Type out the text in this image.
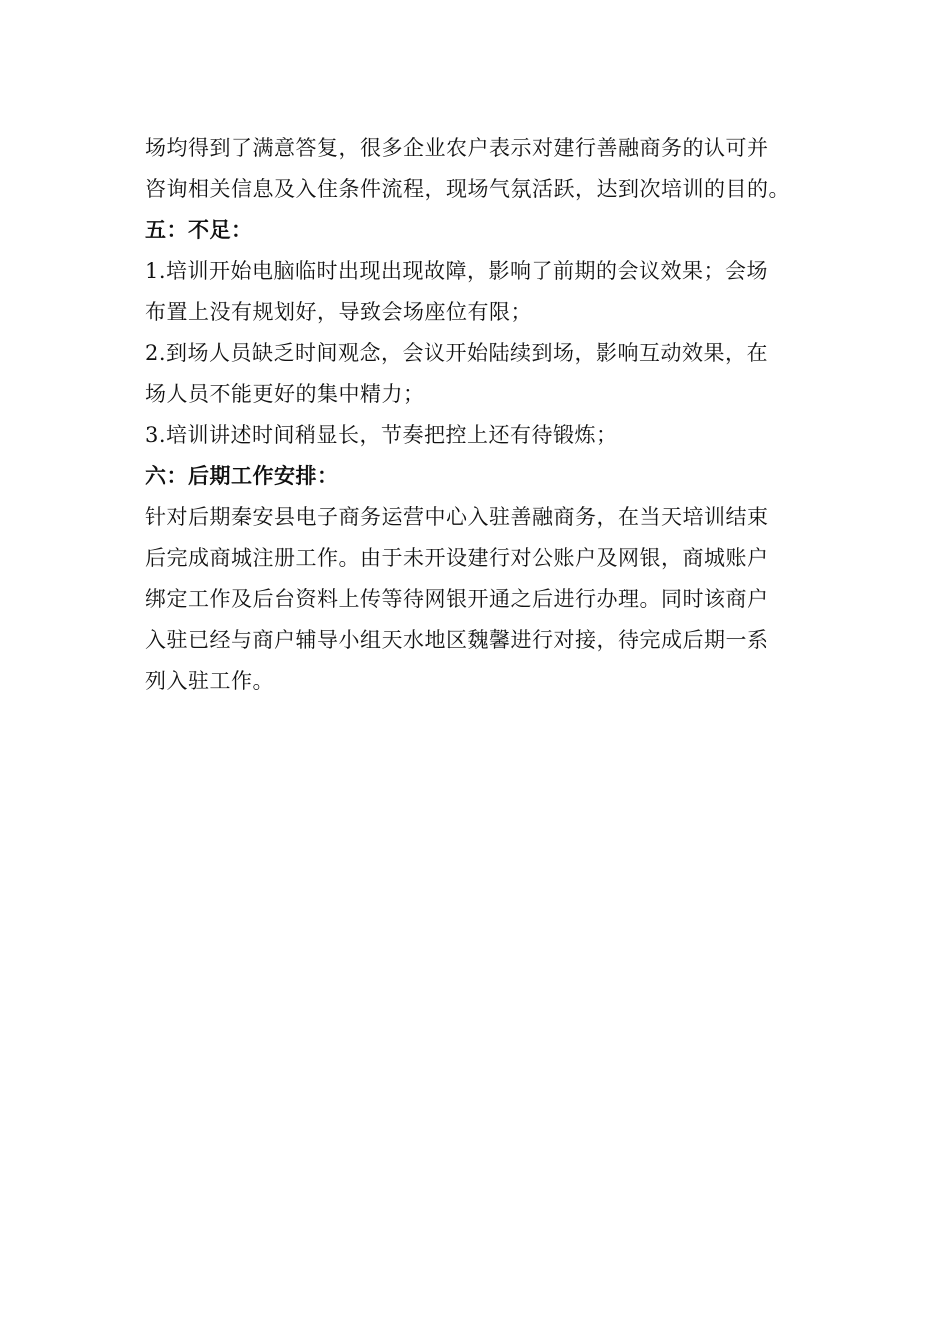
场均得到了满意答复，很多企业农户表示对建行善融商务的认可并
咨询相关信息及入住条件流程，现场气氛活跃，达到次培训的目的。
五：不足：
1.培训开始电脑临时出现出现故障，影响了前期的会议效果；会场
布置上没有规划好，导致会场座位有限；
2.到场人员缺乏时间观念，会议开始陆续到场，影响互动效果，在
场人员不能更好的集中精力；
3.培训讲述时间稍显长，节奏把控上还有待锻炼；
六：后期工作安排：
针对后期秦安县电子商务运营中心入驻善融商务，在当天培训结束
后完成商城注册工作。由于未开设建行对公账户及网银，商城账户
绑定工作及后台资料上传等待网银开通之后进行办理。同时该商户
入驻已经与商户辅导小组天水地区魏馨进行对接，待完成后期一系
列入驻工作。
